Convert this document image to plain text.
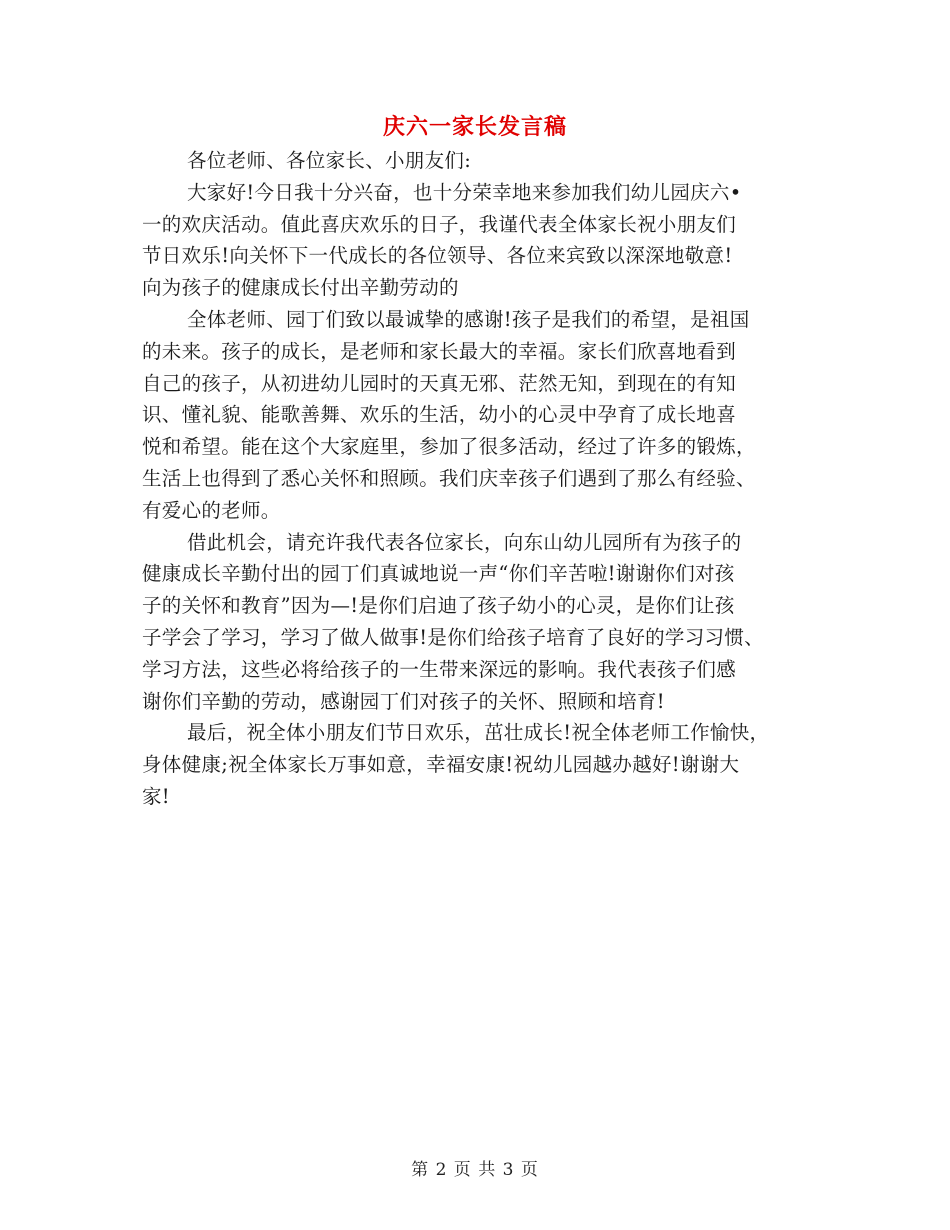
庆六一家长发言稿
各位老师、各位家长、小朋友们:
大家好!今日我十分兴奋，也十分荣幸地来参加我们幼儿园庆六•
一的欢庆活动。值此喜庆欢乐的日子，我谨代表全体家长祝小朋友们
节日欢乐!向关怀下一代成长的各位领导、各位来宾致以深深地敬意!
向为孩子的健康成长付出辛勤劳动的
全体老师、园丁们致以最诚挚的感谢!孩子是我们的希望，是祖国
的未来。孩子的成长，是老师和家长最大的幸福。家长们欣喜地看到
自己的孩子，从初进幼儿园时的天真无邪、茫然无知，到现在的有知
识、懂礼貌、能歌善舞、欢乐的生活，幼小的心灵中孕育了成长地喜
悦和希望。能在这个大家庭里，参加了很多活动，经过了许多的锻炼，
生活上也得到了悉心关怀和照顾。我们庆幸孩子们遇到了那么有经验、
有爱心的老师。
借此机会，请充许我代表各位家长，向东山幼儿园所有为孩子的
健康成长辛勤付出的园丁们真诚地说一声“你们辛苦啦!谢谢你们对孩
子的关怀和教育”因为—!是你们启迪了孩子幼小的心灵，是你们让孩
子学会了学习，学习了做人做事!是你们给孩子培育了良好的学习习惯、
学习方法，这些必将给孩子的一生带来深远的影响。我代表孩子们感
谢你们辛勤的劳动，感谢园丁们对孩子的关怀、照顾和培育!
最后，祝全体小朋友们节日欢乐，茁壮成长!祝全体老师工作愉快，
身体健康;祝全体家长万事如意，幸福安康!祝幼儿园越办越好!谢谢大
家!
第 2 页 共 3 页
